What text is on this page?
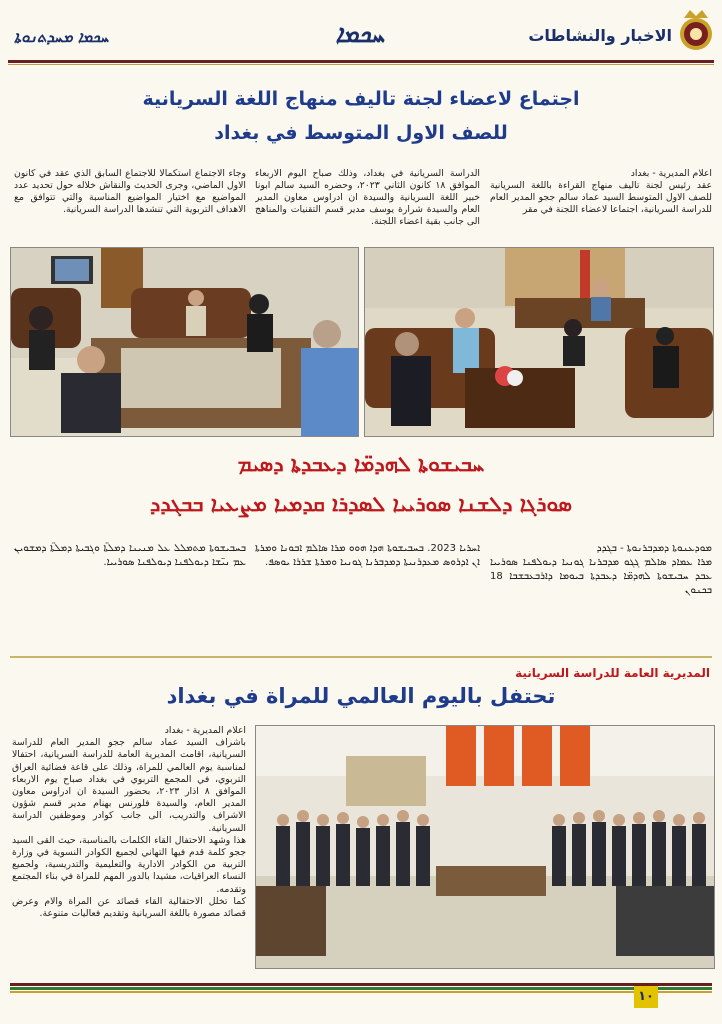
ܚܟܡܐ ܡܚܕܬܢܘܬܐ	ܚܟܡܐ	الاخبار والنشاطات
اجتماع لاعضاء لجنة تاليف منهاج اللغة السريانية
للصف الاول المتوسط في بغداد
اعلام المديرية - بغداد
عقد رئيس لجنة تاليف منهاج القراءة باللغة السريانية للصف الاول المتوسط السيد عماد سالم ججو المدير العام للدراسة السريانية، اجتماعا لاعضاء اللجنة في مقر
الدراسة السريانية في بغداد، وذلك صباح اليوم الاربعاء الموافق ١٨ كانون الثاني ٢٠٢٣، وحضره السيد سالم ابونا خبير اللغة السريانية والسيدة ان ادراوس معاون المدير العام والسيدة شرارة يوسف مدير قسم التقنيات والمناهج الى جانب بقية اعضاء اللجنة.
وجاء الاجتماع استكمالا للاجتماع السابق الذي عقد في كانون الاول الماضي، وجرى الحديث والنقاش خلاله حول تحديد عدد المواضيع مع اختيار المواضيع المناسبة والتي تتوافق مع الاهداف التربوية التي تنشدها الدراسة السريانية.
ܚܒܝܫܘܬܐ ܠܗܕܡ̈ܐ ܕܥܒܕܬܐ ܕܣܝܡ
ܣܘܪܓܐ ܕܠܫܢܐ ܣܘܪܝܝܐ ܠܣܕܪܐ ܩܕܡܝܐ ܡܨܥܝܐ ܒܒܓܕܕ
ܡܘܕܥܢܘܬܐ ܕܡܕܒܪܢܘܬܐ - ܒܓܕܕ
ܡܪܐ ܥܡܐܕ ܣܐܠܡ ܓܓܘ ܡܕܒܪܢܐ ܓܘܢܝܐ ܕܝܘܠܦܢܐ ܣܘܪܝܝܐ ܥܒܕ ܚܒܝܫܘܬܐ ܠܗܕܡ̈ܐ ܕܥܒܕܬܐ ܒܝܘܡܐ ܕܐܪܒܥܒܫܒܐ 18 ܒܟܢܘܢ
ܐܚܪܝܐ 2023. ܒܚܒܝܫܘܬܐ ܗܕܐ ܗܘܘ ܡܪܐ ܣܐܠܡ ܐܒܘܢܐ ܘܡܪܬܐ ܐܢ ܐܕܪܘܣ ܡܥܕܪܢܝܬܐ ܕܡܕܒܪܢܐ ܓܘܢܝܐ ܘܡܪܬܐ ܫܪܪܐ ܝܘܣܦ.
ܒܚܒܝܫܘܬܐ ܡܬܡܠܠ ܥܠ ܡܢܝܢܐ ܕܡܠܬ̈ܐ ܘܓܒܝܬܐ ܕܡܠܬ̈ܐ ܕܡܫܘܝܢ ܥܡ ܢܝ̈ܫܐ ܕܝܘܠܦܢܐ ܕܝܘܠܦܢܐ ܣܘܪܝܝܐ.
المديرية العامة للدراسة السريانية
تحتفل باليوم العالمي للمراة في بغداد
اعلام المديرية - بغداد
باشراف السيد عماد سالم ججو المدير العام للدراسة السريانية، اقامت المديرية العامة للدراسة السريانية، احتفالا لمناسبة يوم العالمي للمراة، وذلك على قاعة فضائية العراق التربوي، في المجمع التربوي في بغداد صباح يوم الاربعاء الموافق ٨ اذار ٢٠٢٣، بحضور السيدة ان ادراوس معاون المدير العام، والسيدة فلورنس بهنام مدير قسم شؤون الاشراف والتدريب، الى جانب كوادر وموظفين الدراسة السريانية.
هذا وشهد الاحتفال القاء الكلمات بالمناسبة، حيث القى السيد ججو كلمة قدم فيها التهاني لجميع الكوادر النسوية في وزارة التربية من الكوادر الادارية والتعليمية والتدريسية، ولجميع النساء العراقيات، مشيدا بالدور المهم للمراة في بناء المجتمع وتقدمه.
كما تخلل الاحتفالية القاء قصائد عن المراة والام وعرض قصائد مصورة باللغة السريانية وتقديم فعاليات متنوعة.
١٠
